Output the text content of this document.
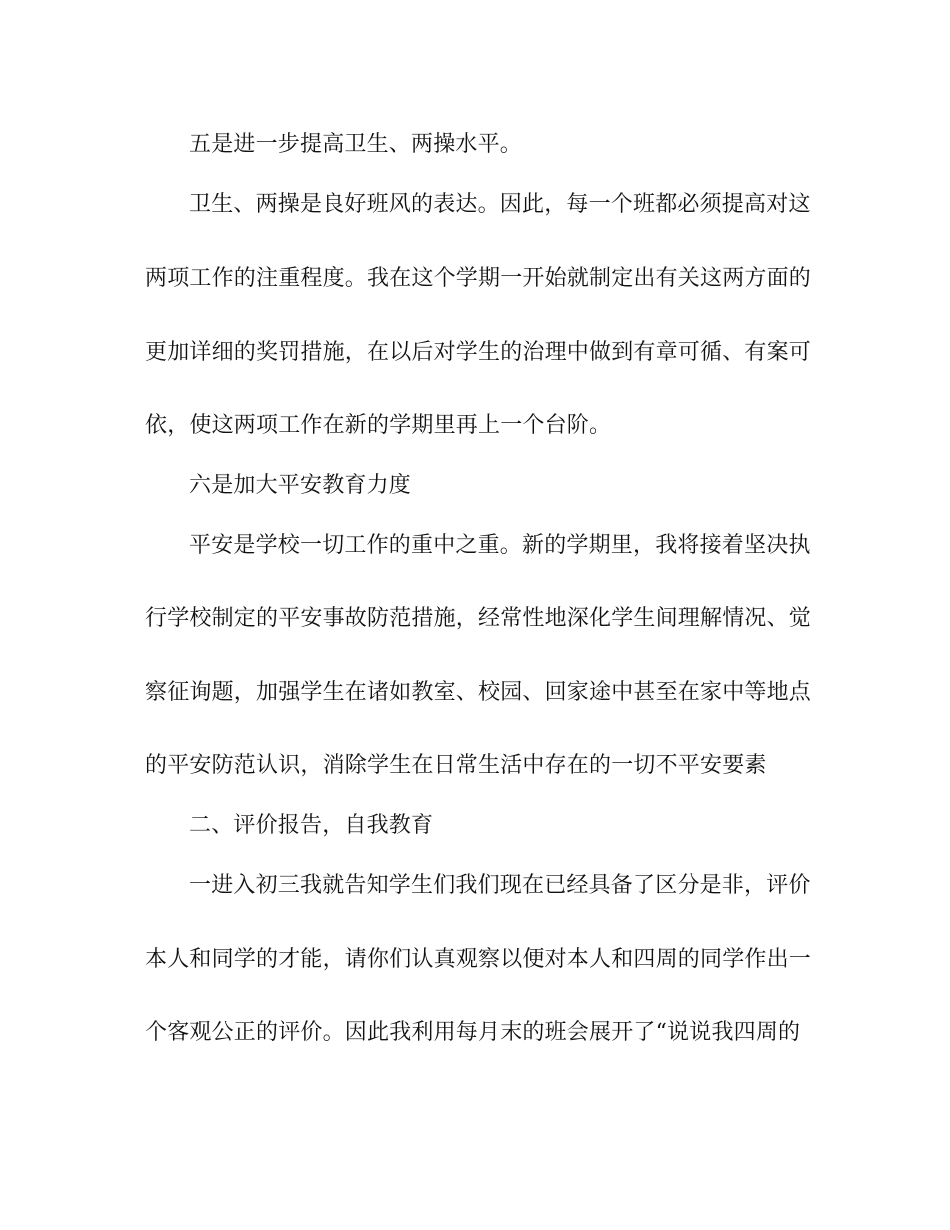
五是进一步提高卫生、两操水平。
卫生、两操是良好班风的表达。因此，每一个班都必须提高对这
两项工作的注重程度。我在这个学期一开始就制定出有关这两方面的
更加详细的奖罚措施，在以后对学生的治理中做到有章可循、有案可
依，使这两项工作在新的学期里再上一个台阶。
六是加大平安教育力度
平安是学校一切工作的重中之重。新的学期里，我将接着坚决执
行学校制定的平安事故防范措施，经常性地深化学生间理解情况、觉
察征询题，加强学生在诸如教室、校园、回家途中甚至在家中等地点
的平安防范认识，消除学生在日常生活中存在的一切不平安要素
二、评价报告，自我教育
一进入初三我就告知学生们我们现在已经具备了区分是非，评价
本人和同学的才能，请你们认真观察以便对本人和四周的同学作出一
个客观公正的评价。因此我利用每月末的班会展开了“说说我四周的
